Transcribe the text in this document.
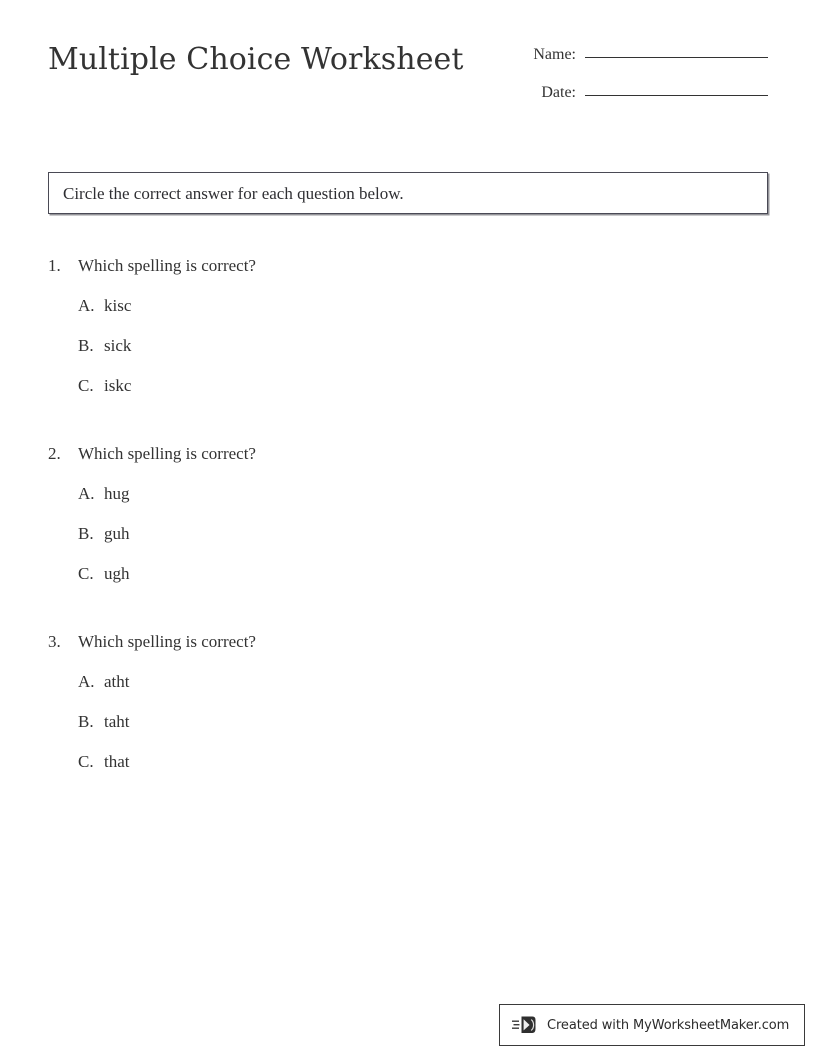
Multiple Choice Worksheet	Name:
Date:
Circle the correct answer for each question below.
1.	Which spelling is correct?
A. kisc
B. sick
C. iskc
2.	Which spelling is correct?
A. hug
B. guh
C. ugh
3.	Which spelling is correct?
A. atht
B. taht
C. that
Created with MyWorksheetMaker.com
